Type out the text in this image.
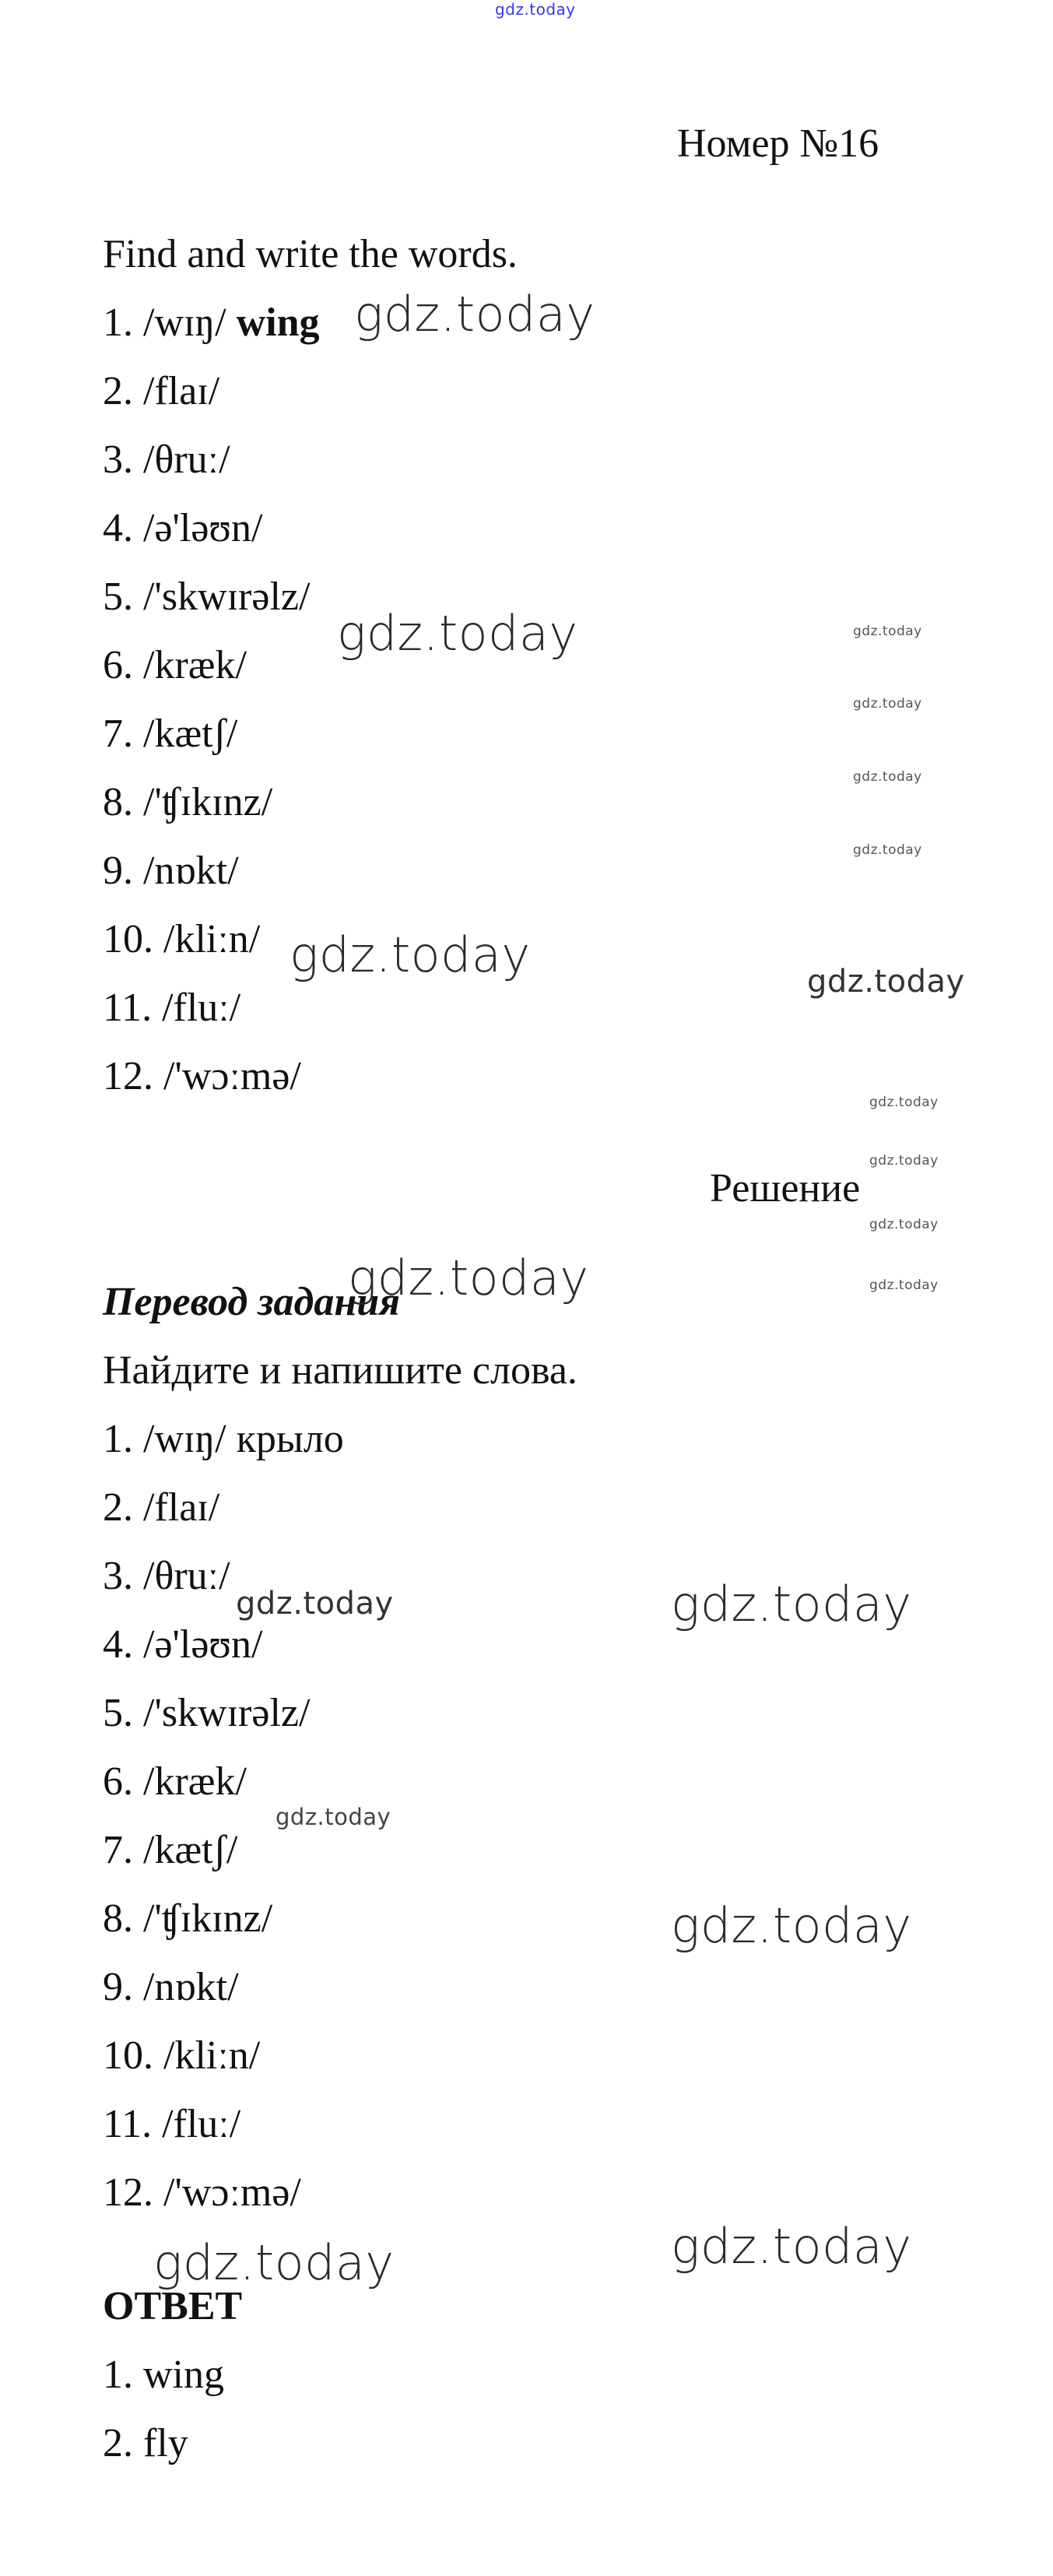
gdz.today
Номер №16
Find and write the words.
1. /wɪŋ/ wing
2. /flaɪ/
3. /θruː/
4. /ə'ləʊn/
5. /'skwɪrəlz/
6. /kræk/
7. /kætʃ/
8. /'ʧɪkɪnz/
9. /nɒkt/
10. /kliːn/
11. /fluː/
12. /'wɔːmə/
Решение
Перевод задания
Найдите и напишите слова.
1. /wɪŋ/ крыло
2. /flaɪ/
3. /θruː/
4. /ə'ləʊn/
5. /'skwɪrəlz/
6. /kræk/
7. /kætʃ/
8. /'ʧɪkɪnz/
9. /nɒkt/
10. /kliːn/
11. /fluː/
12. /'wɔːmə/
ОТВЕТ
1. wing
2. fly
gdz.today
gdz.today
gdz.today
gdz.today
gdz.today
gdz.today
gdz.today
gdz.today
gdz.today
gdz.today
gdz.today
gdz.today
gdz.today
gdz.today
gdz.today
gdz.today
gdz.today
gdz.today
gdz.today
